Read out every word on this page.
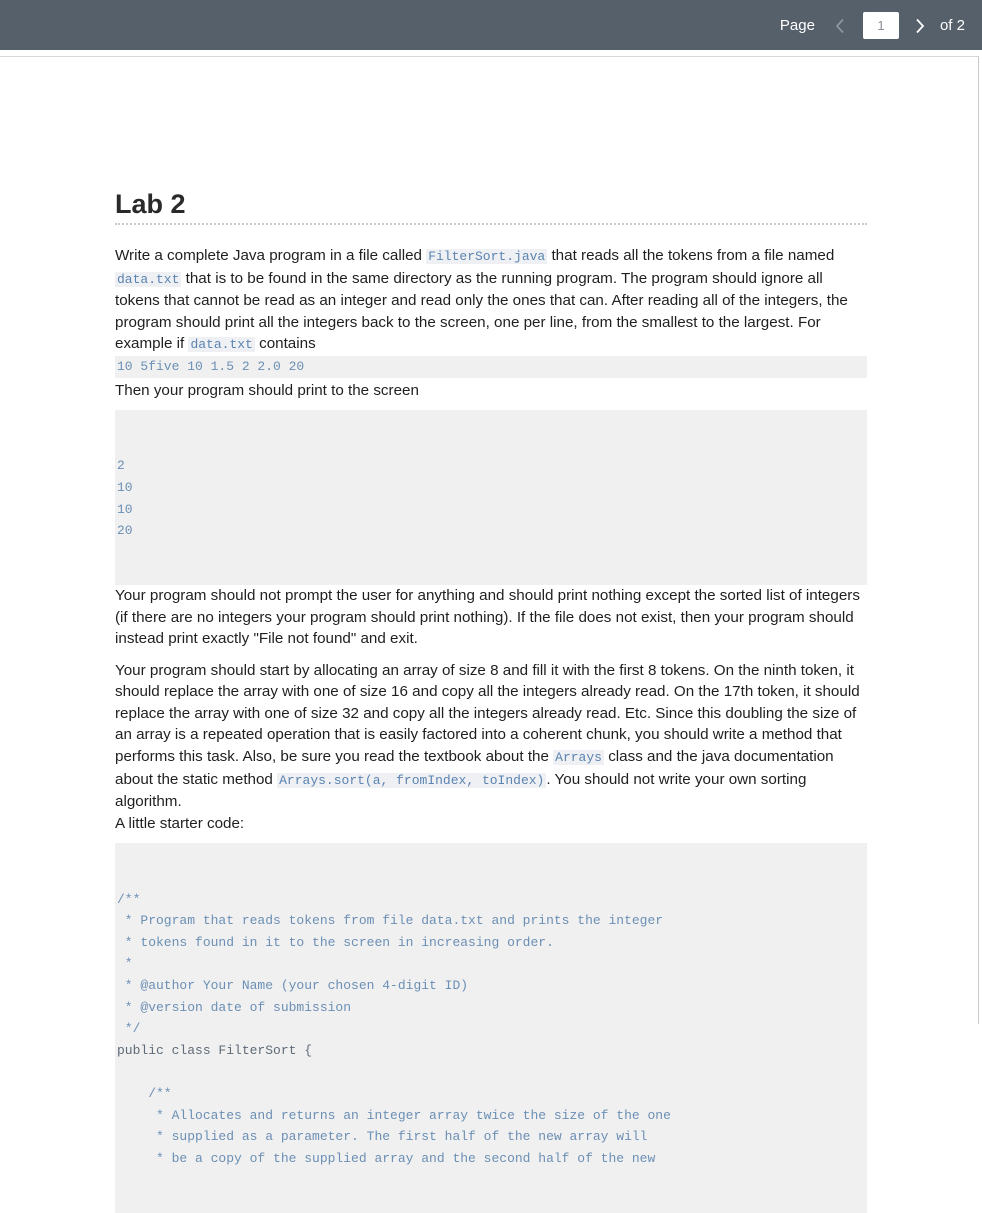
Page	1	of 2
Lab 2

Write a complete Java program in a file called FilterSort.java that reads all the tokens from a file named data.txt that is to be found in the same directory as the running program. The program should ignore all tokens that cannot be read as an integer and read only the ones that can. After reading all of the integers, the program should print all the integers back to the screen, one per line, from the smallest to the largest. For example if data.txt contains

10 5five 10 1.5 2 2.0 20

Then your program should print to the screen

2
10
10
20

Your program should not prompt the user for anything and should print nothing except the sorted list of integers (if there are no integers your program should print nothing). If the file does not exist, then your program should instead print exactly "File not found" and exit.

Your program should start by allocating an array of size 8 and fill it with the first 8 tokens. On the ninth token, it should replace the array with one of size 16 and copy all the integers already read. On the 17th token, it should replace the array with one of size 32 and copy all the integers already read. Etc. Since this doubling the size of an array is a repeated operation that is easily factored into a coherent chunk, you should write a method that performs this task. Also, be sure you read the textbook about the Arrays class and the java documentation about the static method Arrays.sort(a, fromIndex, toIndex) . You should not write your own sorting algorithm.

A little starter code:

/**
* Program that reads tokens from file data.txt and prints the integer
* tokens found in it to the screen in increasing order.
*
* @author Your Name (your chosen 4-digit ID)
* @version date of submission
*/
public class FilterSort {
/**
* Allocates and returns an integer array twice the size of the one
* supplied as a parameter. The first half of the new array will
* be a copy of the supplied array and the second half of the new
